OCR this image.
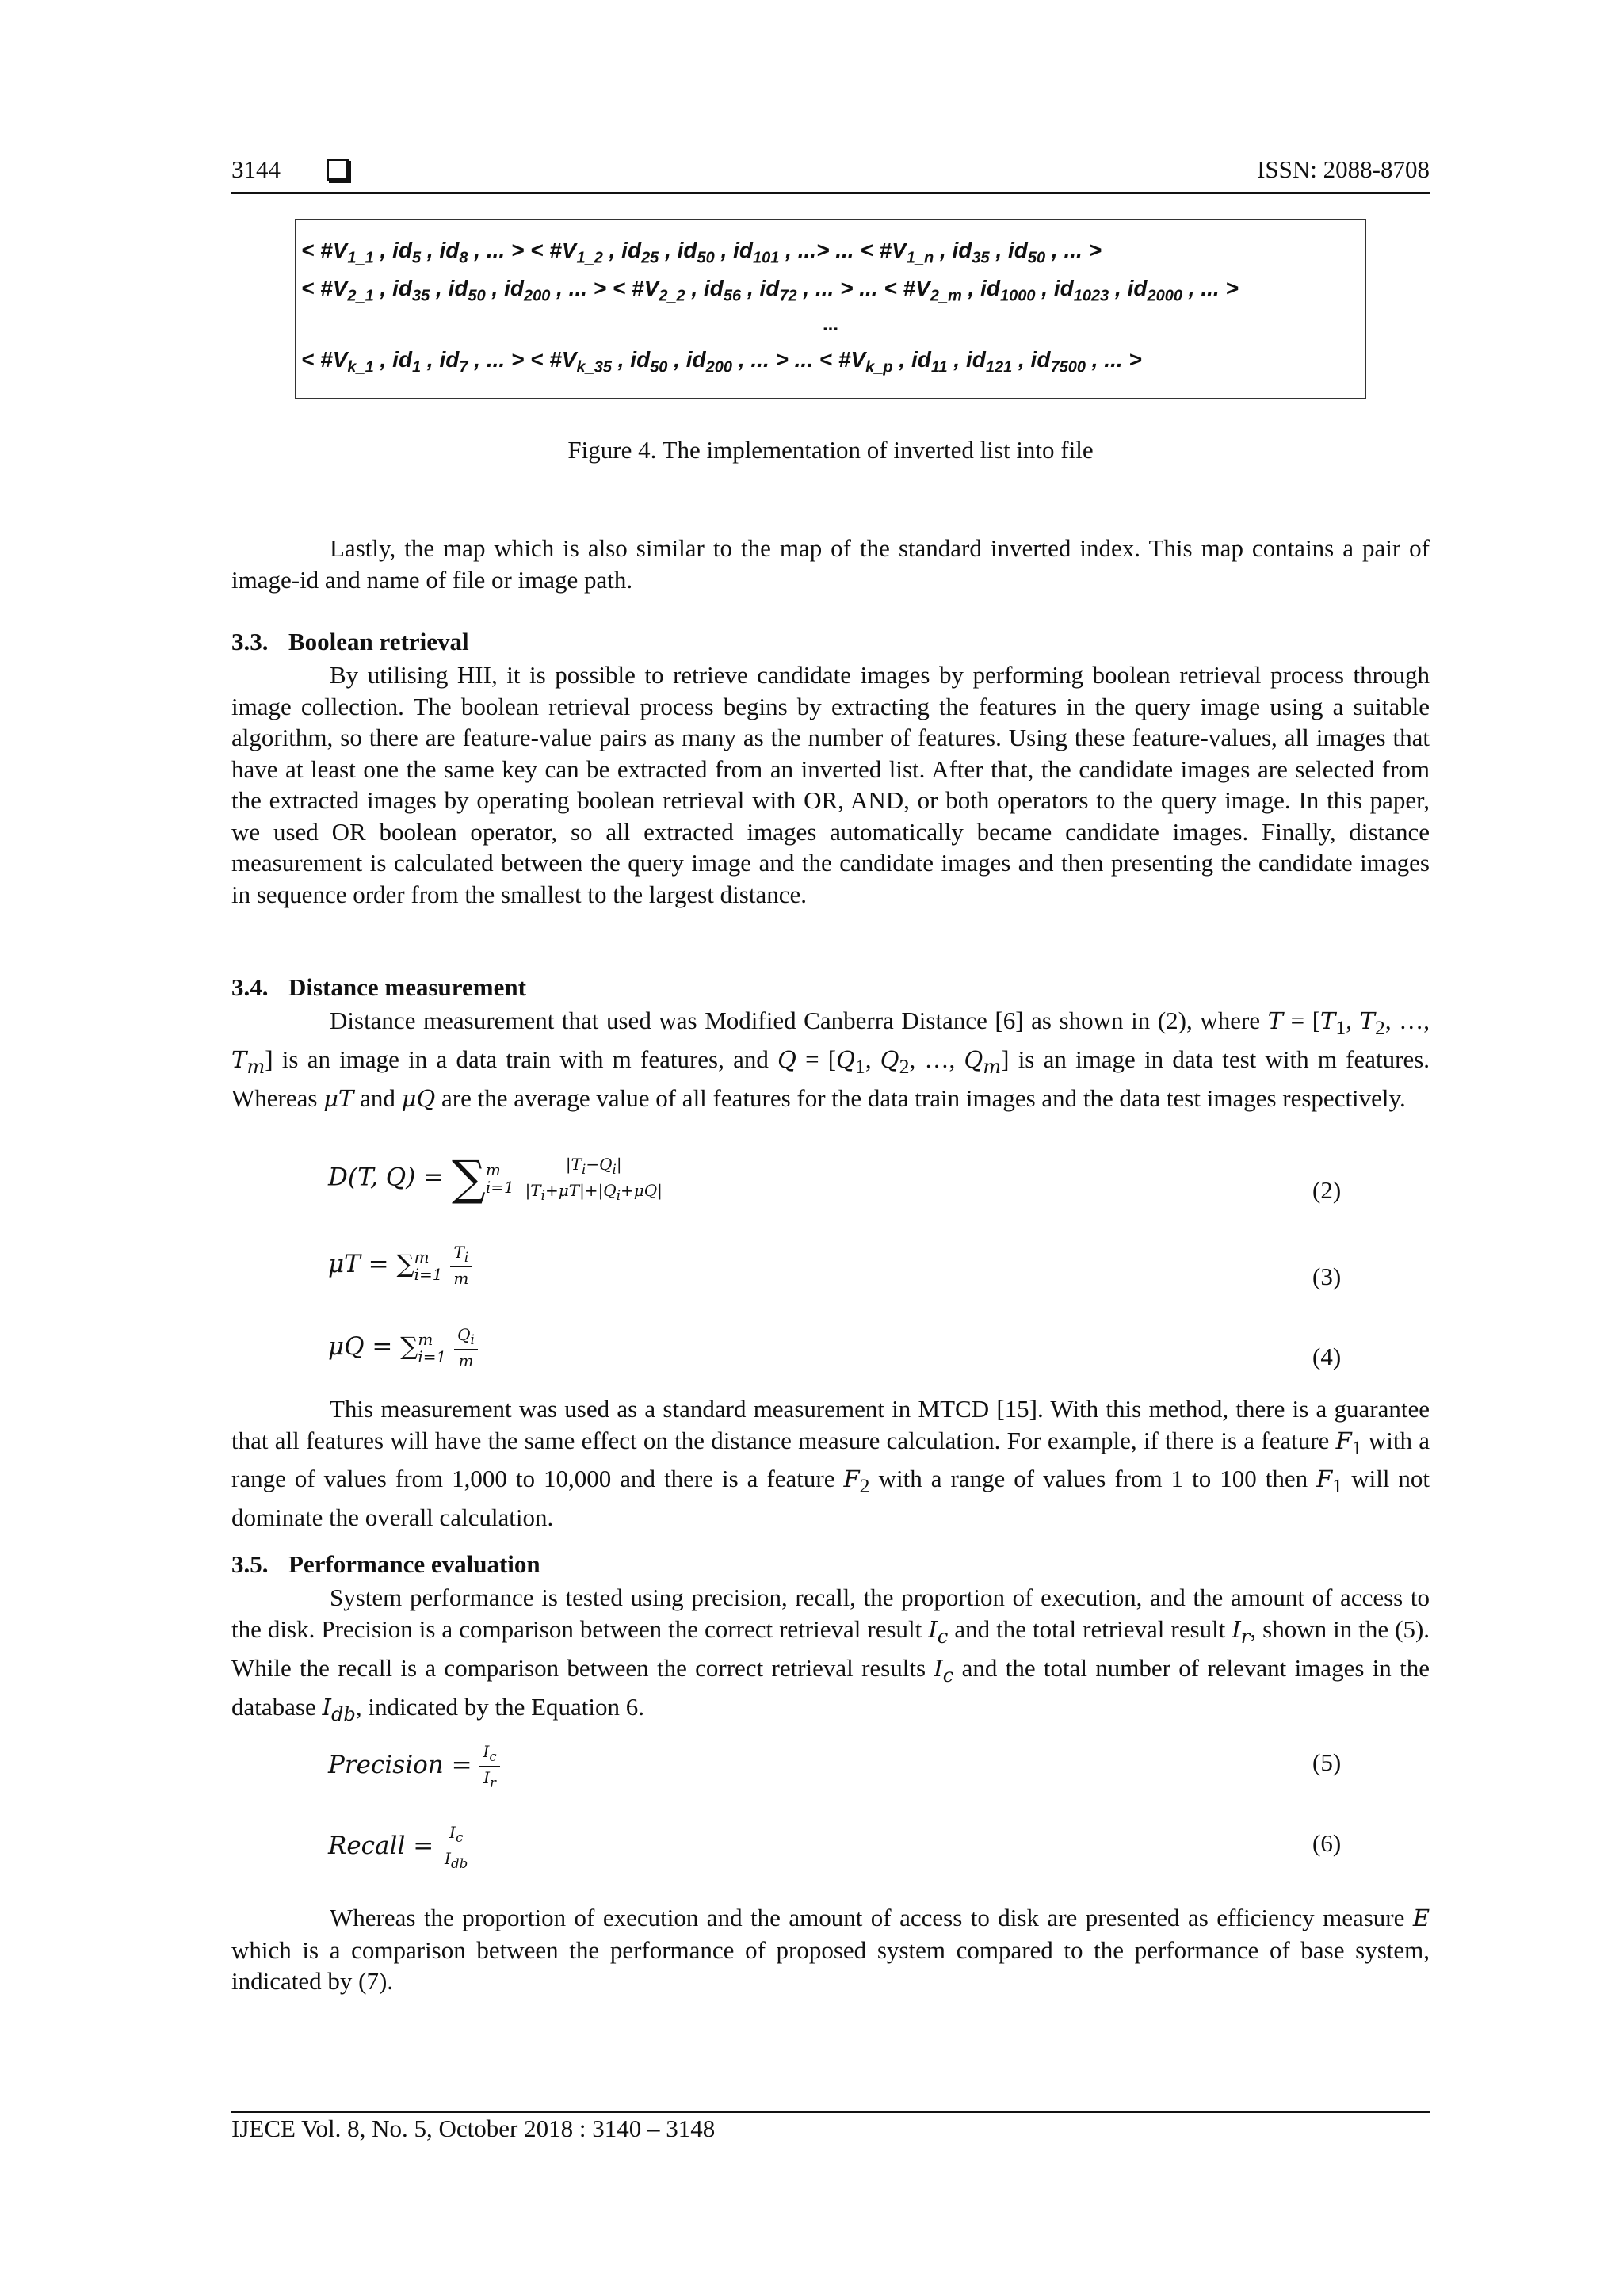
3144	ISSN: 2088-8708
< $\#V_{1\_1}$ , $id_5$ , $id_8$ , ... > < $\#V_{1\_2}$ , $id_{25}$ , $id_{50}$ , $id_{101}$ , ...> ... < $\#V_{1\_n}$ , $id_{35}$ , $id_{50}$ , ... >
< $\#V_{2\_1}$ , $id_{35}$ , $id_{50}$ , $id_{200}$ , ... > < $\#V_{2\_2}$ , $id_{56}$ , $id_{72}$ , ... > ... < $\#V_{2\_m}$ , $id_{1000}$ , $id_{1023}$ , $id_{2000}$ , ... >
...
< $\#V_{k\_1}$ , $id_1$ , $id_7$ , ... > < $\#V_{k\_35}$ , $id_{50}$ , $id_{200}$ , ... > ... < $\#V_{k\_p}$ , $id_{11}$ , $id_{121}$ , $id_{7500}$ , ... >
Figure 4. The implementation of inverted list into file
Lastly, the map which is also similar to the map of the standard inverted index. This map contains a pair of image-id and name of file or image path.
3.3. Boolean retrieval
By utilising HII, it is possible to retrieve candidate images by performing boolean retrieval process through image collection. The boolean retrieval process begins by extracting the features in the query image using a suitable algorithm, so there are feature-value pairs as many as the number of features. Using these feature-values, all images that have at least one the same key can be extracted from an inverted list. After that, the candidate images are selected from the extracted images by operating boolean retrieval with OR, AND, or both operators to the query image. In this paper, we used OR boolean operator, so all extracted images automatically became candidate images. Finally, distance measurement is calculated between the query image and the candidate images and then presenting the candidate images in sequence order from the smallest to the largest distance.
3.4. Distance measurement
Distance measurement that used was Modified Canberra Distance [6] as shown in (2), where $T = [T_1$, $T_2$, …, $T_m$] is an image in a data train with m features, and $Q = [Q_1$, $Q_2$, …, $Q_m$] is an image in data test with m features. Whereas μT and μQ are the average value of all features for the data train images and the data test images respectively.
D(T, Q) = ∑ m
i=1
$\frac{|T_i-Q_i|}{|T_i+\mu T|+|Q_i+\mu Q|}$	(2)
μT = ∑ m
i=1
$\frac{T_i}{m}$	(3)
μQ = ∑ m
i=1
$\frac{Q_i}{m}$	(4)
This measurement was used as a standard measurement in MTCD [15]. With this method, there is a guarantee that all features will have the same effect on the distance measure calculation. For example, if there is a feature $F_1$ with a range of values from 1,000 to 10,000 and there is a feature $F_2$ with a range of values from 1 to 100 then $F_1$ will not dominate the overall calculation.
3.5. Performance evaluation
System performance is tested using precision, recall, the proportion of execution, and the amount of access to the disk. Precision is a comparison between the correct retrieval result $I_c$ and the total retrieval result $I_r$, shown in the (5). While the recall is a comparison between the correct retrieval results $I_c$ and the total number of relevant images in the database $I_{db}$, indicated by the Equation 6.
Precision = $\frac{I_c}{I_r}$	(5)
Recall = $\frac{I_c}{I_{db}}$	(6)
Whereas the proportion of execution and the amount of access to disk are presented as efficiency measure E which is a comparison between the performance of proposed system compared to the performance of base system, indicated by (7).
IJECE Vol. 8, No. 5, October 2018 : 3140 – 3148
